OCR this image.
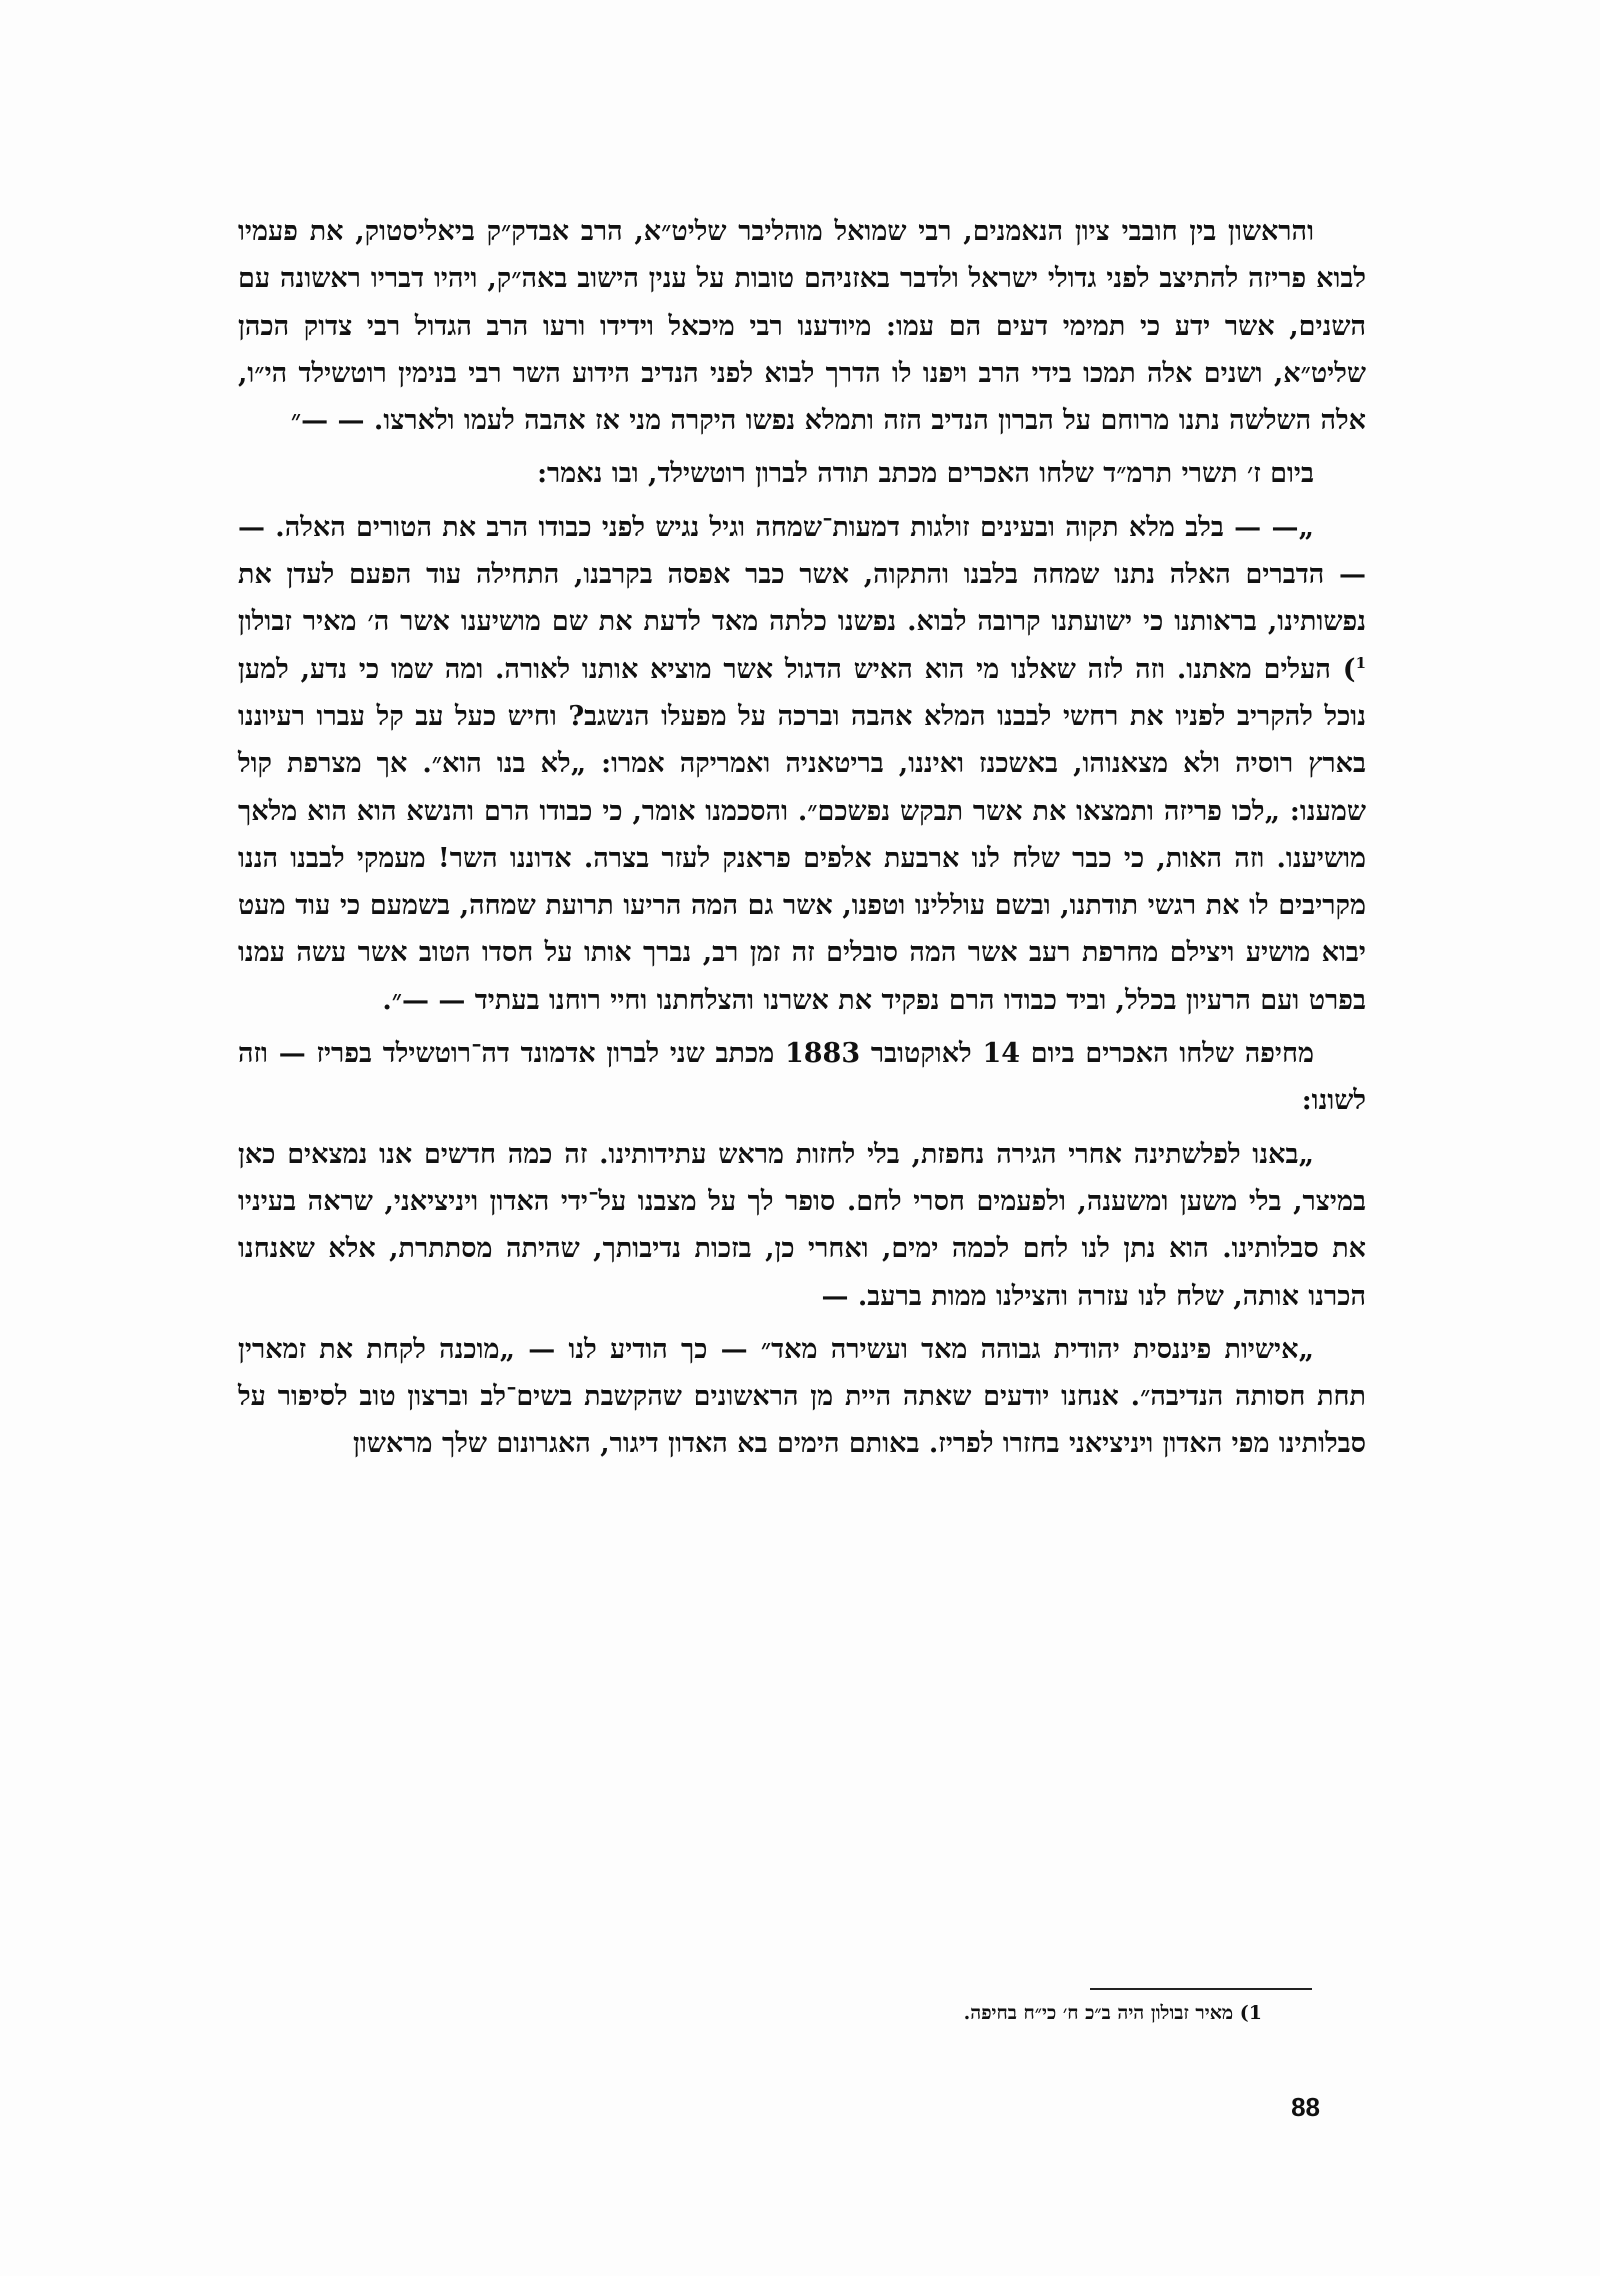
והראשון בין חובבי ציון הנאמנים, רבי שמואל מוהליבר שליט״א, הרב אבדק״ק ביאליסטוק, את פעמיו לבוא פריזה להתיצב לפני גדולי ישראל ולדבר באזניהם טובות על ענין הישוב באה״ק, ויהיו דבריו ראשונה עם השנים, אשר ידע כי תמימי דעים הם עמו: מיודענו רבי מיכאל וידידו ורעו הרב הגדול רבי צדוק הכהן שליט״א, ושנים אלה תמכו בידי הרב ויפנו לו הדרך לבוא לפני הנדיב הידוע השר רבי בנימין רוטשילד הי״ו, אלה השלשה נתנו מרוחם על הברון הנדיב הזה ותמלא נפשו היקרה מני אז אהבה לעמו ולארצו. — —״

ביום ז׳ תשרי תרמ״ד שלחו האכרים מכתב תודה לברון רוטשילד, ובו נאמר:

„— — בלב מלא תקוה ובעינים זולגות דמעות־שמחה וגיל נגיש לפני כבודו הרב את הטורים האלה. — — הדברים האלה נתנו שמחה בלבנו והתקוה, אשר כבר אפסה בקרבנו, התחילה עוד הפעם לעדן את נפשותינו, בראותנו כי ישועתנו קרובה לבוא. נפשנו כלתה מאד לדעת את שם מושיענו אשר ה׳ מאיר זבולון $^1$) העלים מאתנו. וזה לזה שאלנו מי הוא האיש הדגול אשר מוציא אותנו לאורה. ומה שמו כי נדע, למען נוכל להקריב לפניו את רחשי לבבנו המלא אהבה וברכה על מפעלו הנשגב? וחיש כעל עב קל עברו רעיוננו בארץ רוסיה ולא מצאנוהו, באשכנז ואיננו, בריטאניה ואמריקה אמרו: „לא בנו הוא״. אך מצרפת קול שמענו: „לכו פריזה ותמצאו את אשר תבקש נפשכם״. והסכמנו אומר, כי כבודו הרם והנשא הוא הוא מלאך מושיענו. וזה האות, כי כבר שלח לנו ארבעת אלפים פראנק לעזר בצרה. אדוננו השר! מעמקי לבבנו הננו מקריבים לו את רגשי תודתנו, ובשם עוללינו וטפנו, אשר גם המה הריעו תרועת שמחה, בשמעם כי עוד מעט יבוא מושיע ויצילם מחרפת רעב אשר המה סובלים זה זמן רב, נברך אותו על חסדו הטוב אשר עשה עמנו בפרט ועם הרעיון בכלל, וביד כבודו הרם נפקיד את אשרנו והצלחתנו וחיי רוחנו בעתיד — —״.

מחיפה שלחו האכרים ביום 14 לאוקטובר 1883 מכתב שני לברון אדמונד דה־רוטשילד בפריז — וזה לשונו:

„באנו לפלשתינה אחרי הגירה נחפזת, בלי לחזות מראש עתידותינו. זה כמה חדשים אנו נמצאים כאן במיצר, בלי משען ומשענה, ולפעמים חסרי לחם. סופר לך על מצבנו על־ידי האדון ויניציאני, שראה בעיניו את סבלותינו. הוא נתן לנו לחם לכמה ימים, ואחרי כן, בזכות נדיבותך, שהיתה מסתתרת, אלא שאנחנו הכרנו אותה, שלח לנו עזרה והצילנו ממות ברעב. —

„אישיות פיננסית יהודית גבוהה מאד ועשירה מאד״ — כך הודיע לנו — „מוכנה לקחת את זמארין תחת חסותה הנדיבה״. אנחנו יודעים שאתה היית מן הראשונים שהקשבת בשים־לב וברצון טוב לסיפור על סבלותינו מפי האדון ויניציאני בחזרו לפריז. באותם הימים בא האדון דיגור, האגרונום שלך מראשון

1) מאיר זבולון היה ב״כ ח׳ כי״ח בחיפה.
88
